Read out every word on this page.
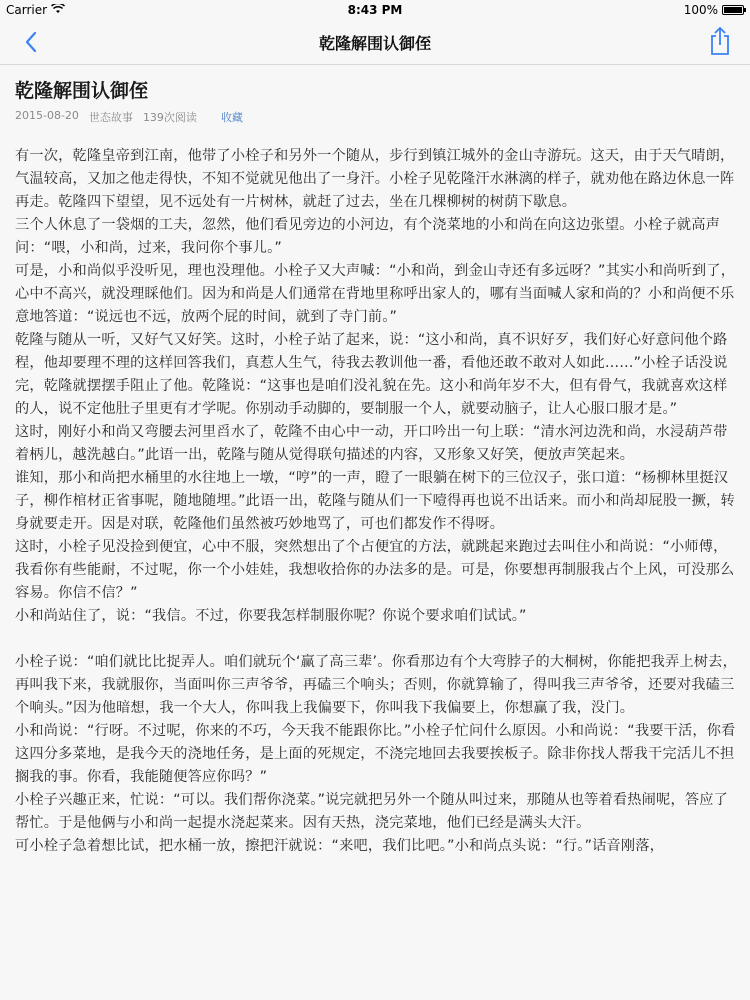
Carrier	8:43 PM	100%
乾隆解围认御侄
乾隆解围认御侄
2015-08-20 世态故事 139次阅读 收藏

有一次，乾隆皇帝到江南，他带了小栓子和另外一个随从，步行到镇江城外的金山寺游玩。这天，由于天气晴朗，气温较高，又加之他走得快，不知不觉就见他出了一身汗。小栓子见乾隆汗水淋漓的样子，就劝他在路边休息一阵再走。乾隆四下望望，见不远处有一片树林，就赶了过去，坐在几棵柳树的树荫下歇息。

三个人休息了一袋烟的工夫，忽然，他们看见旁边的小河边，有个浇菜地的小和尚在向这边张望。小栓子就高声问：“喂，小和尚，过来，我问你个事儿。”

可是，小和尚似乎没听见，理也没理他。小栓子又大声喊：“小和尚，到金山寺还有多远呀？”其实小和尚听到了，心中不高兴，就没理睬他们。因为和尚是人们通常在背地里称呼出家人的，哪有当面喊人家和尚的？小和尚便不乐意地答道：“说远也不远，放两个屁的时间，就到了寺门前。”

乾隆与随从一听，又好气又好笑。这时，小栓子站了起来，说：“这小和尚，真不识好歹，我们好心好意问他个路程，他却要理不理的这样回答我们，真惹人生气，待我去教训他一番，看他还敢不敢对人如此……”小栓子话没说完，乾隆就摆摆手阻止了他。乾隆说：“这事也是咱们没礼貌在先。这小和尚年岁不大，但有骨气，我就喜欢这样的人，说不定他肚子里更有才学呢。你别动手动脚的，要制服一个人，就要动脑子，让人心服口服才是。”

这时，刚好小和尚又弯腰去河里舀水了，乾隆不由心中一动，开口吟出一句上联：“清水河边洗和尚，水浸葫芦带着柄儿，越洗越白。”此语一出，乾隆与随从觉得联句描述的内容，又形象又好笑，便放声笑起来。

谁知，那小和尚把水桶里的水往地上一墩，“哼”的一声，瞪了一眼躺在树下的三位汉子，张口道：“杨柳林里挺汉子，柳作棺材正省事呢，随地随埋。”此语一出，乾隆与随从们一下噎得再也说不出话来。而小和尚却屁股一撅，转身就要走开。因是对联，乾隆他们虽然被巧妙地骂了，可也们都发作不得呀。

这时，小栓子见没捡到便宜，心中不服，突然想出了个占便宜的方法，就跳起来跑过去叫住小和尚说：“小师傅，我看你有些能耐，不过呢，你一个小娃娃，我想收拾你的办法多的是。可是，你要想再制服我占个上风，可没那么容易。你信不信？”

小和尚站住了，说：“我信。不过，你要我怎样制服你呢？你说个要求咱们试试。”

小栓子说：“咱们就比比捉弄人。咱们就玩个‘赢了高三辈’。你看那边有个大弯脖子的大桐树，你能把我弄上树去，再叫我下来，我就服你，当面叫你三声爷爷，再磕三个响头；否则，你就算输了，得叫我三声爷爷，还要对我磕三个响头。”因为他暗想，我一个大人，你叫我上我偏要下，你叫我下我偏要上，你想赢了我，没门。

小和尚说：“行呀。不过呢，你来的不巧，今天我不能跟你比。”小栓子忙问什么原因。小和尚说：“我要干活，你看这四分多菜地，是我今天的浇地任务，是上面的死规定，不浇完地回去我要挨板子。除非你找人帮我干完活儿不担搁我的事。你看，我能随便答应你吗？”

小栓子兴趣正来，忙说：“可以。我们帮你浇菜。”说完就把另外一个随从叫过来，那随从也等着看热闹呢，答应了帮忙。于是他俩与小和尚一起提水浇起菜来。因有天热，浇完菜地，他们已经是满头大汗。

可小栓子急着想比试，把水桶一放，擦把汗就说：“来吧，我们比吧。”小和尚点头说：“行。”话音刚落，
